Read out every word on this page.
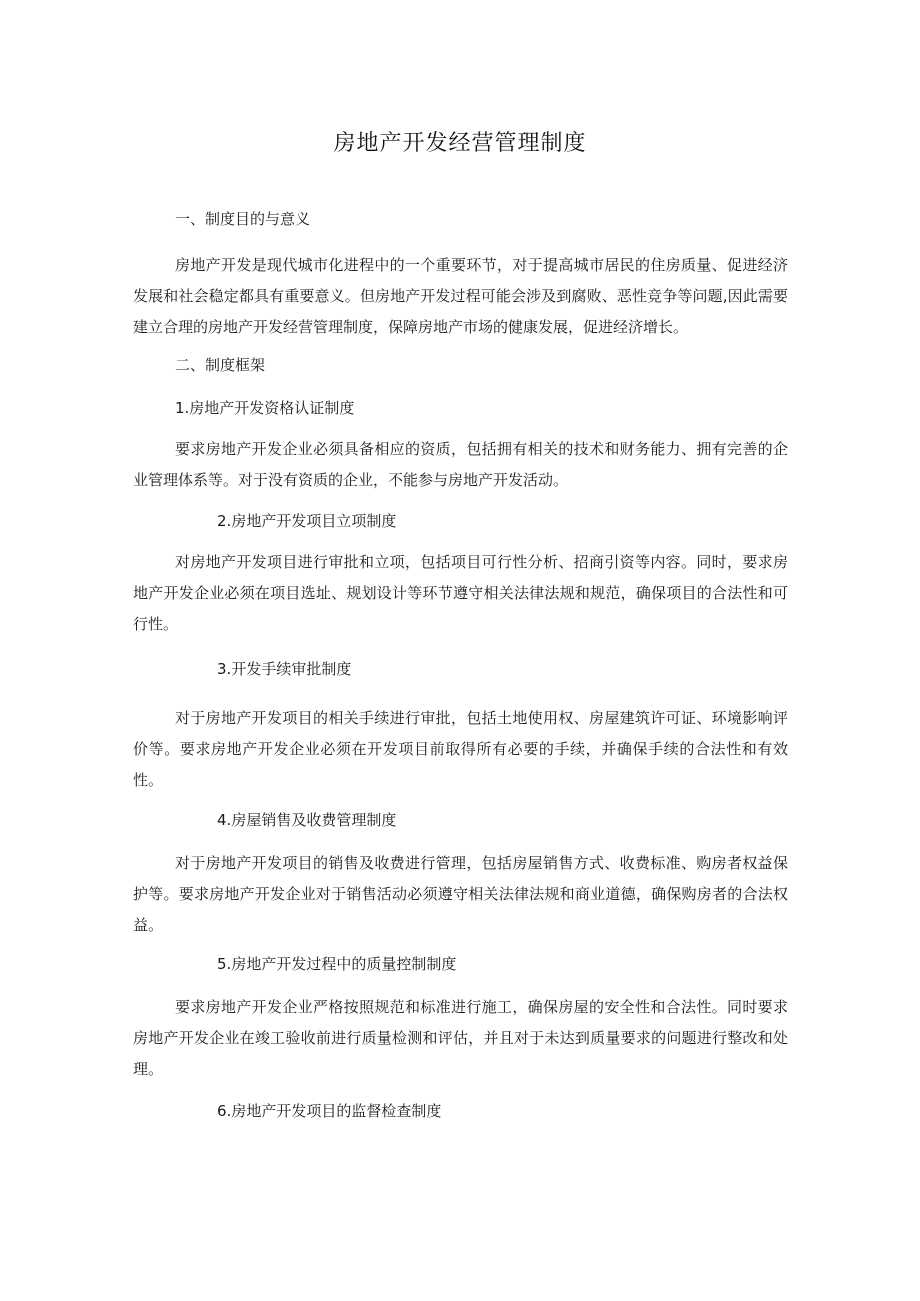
房地产开发经营管理制度
一、制度目的与意义
房地产开发是现代城市化进程中的一个重要环节，对于提高城市居民的住房质量、促进经济发展和社会稳定都具有重要意义。但房地产开发过程可能会涉及到腐败、恶性竞争等问题,因此需要建立合理的房地产开发经营管理制度，保障房地产市场的健康发展，促进经济增长。
二、制度框架
1.房地产开发资格认证制度
要求房地产开发企业必须具备相应的资质，包括拥有相关的技术和财务能力、拥有完善的企业管理体系等。对于没有资质的企业，不能参与房地产开发活动。
2.房地产开发项目立项制度
对房地产开发项目进行审批和立项，包括项目可行性分析、招商引资等内容。同时，要求房地产开发企业必须在项目选址、规划设计等环节遵守相关法律法规和规范，确保项目的合法性和可行性。
3.开发手续审批制度
对于房地产开发项目的相关手续进行审批，包括土地使用权、房屋建筑许可证、环境影响评价等。要求房地产开发企业必须在开发项目前取得所有必要的手续，并确保手续的合法性和有效性。
4.房屋销售及收费管理制度
对于房地产开发项目的销售及收费进行管理，包括房屋销售方式、收费标准、购房者权益保护等。要求房地产开发企业对于销售活动必须遵守相关法律法规和商业道德，确保购房者的合法权益。
5.房地产开发过程中的质量控制制度
要求房地产开发企业严格按照规范和标准进行施工，确保房屋的安全性和合法性。同时要求房地产开发企业在竣工验收前进行质量检测和评估，并且对于未达到质量要求的问题进行整改和处理。
6.房地产开发项目的监督检查制度
